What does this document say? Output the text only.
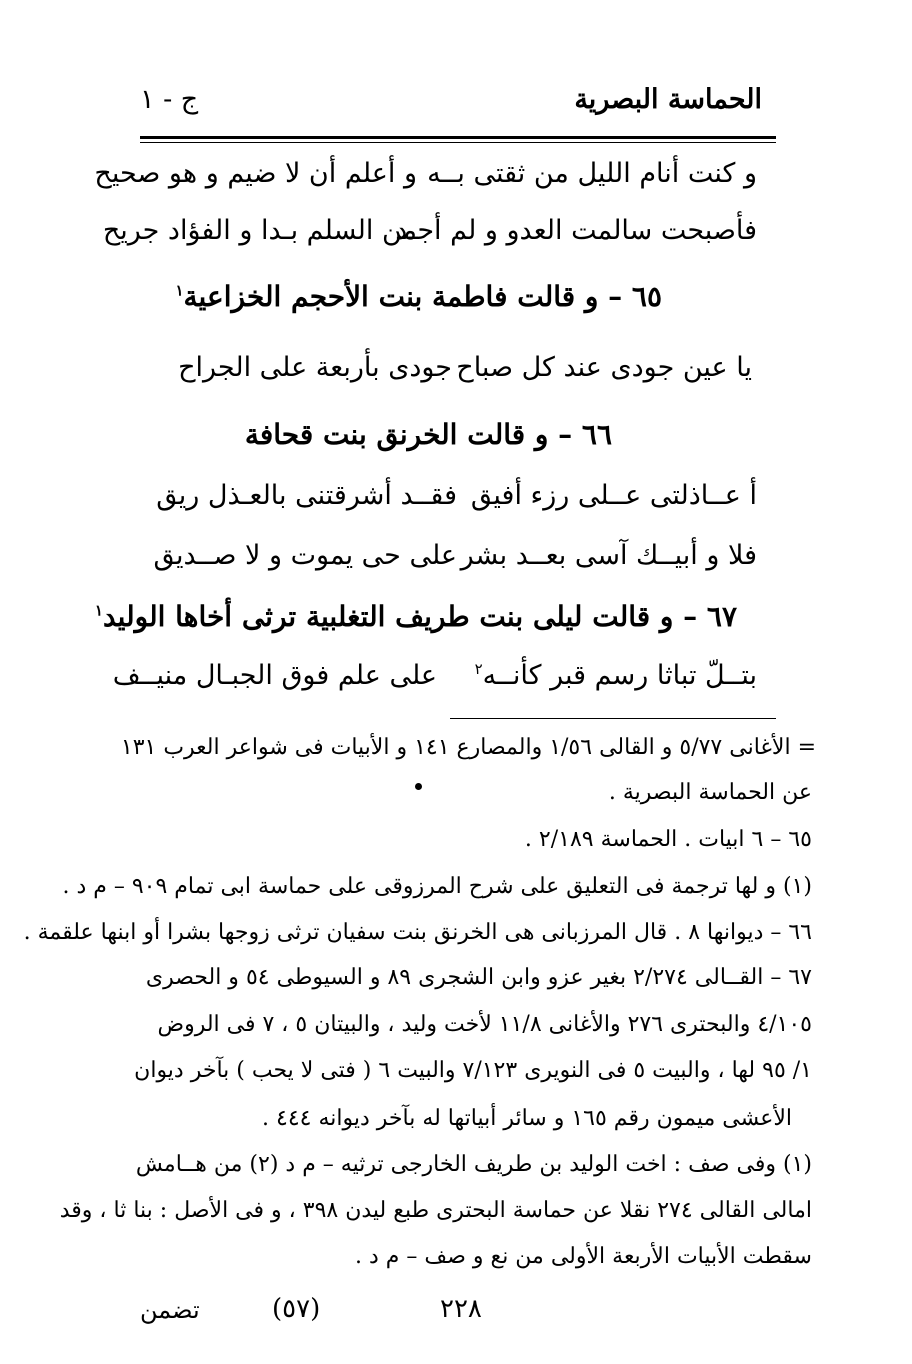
الحماسة البصرية
ج - ١
و كنت أنام الليل من ثقتى بــه
و أعلم أن لا ضيم و هو صحيح
فأصبحت سالمت العدو و لم أجـد
من السلم بـدا و الفؤاد جريح
٦٥ – و قالت فاطمة بنت الأحجم الخزاعية$^١$
يا عين جودى عند كل صباح
جودى بأربعة على الجراح
٦٦ – و قالت الخرنق بنت قحافة
أ عــاذلتى عــلى رزء أفيق
فقــد أشرقتنى بالعـذل ريق
فلا و أبيــك آسى بعــد بشر
على حى يموت و لا صــديق
٦٧ – و قالت ليلى بنت طريف التغلبية ترثى أخاها الوليد$^١$
بتــلّ تباثا رسم قبر كأنــه$^٢$
على علم فوق الجبـال منيــف
= الأغانى ٥/٧٧ و القالى ١/٥٦ والمصارع ١٤١ و الأبيات فى شواعر العرب ١٣١
عن الحماسة البصرية .
٦٥ – ٦ ابيات . الحماسة ٢/١٨٩ .
(١) و لها ترجمة فى التعليق على شرح المرزوقى على حماسة ابى تمام ٩٠٩ – م د .
٦٦ – ديوانها ٨ . قال المرزبانى هى الخرنق بنت سفيان ترثى زوجها بشرا أو ابنها علقمة .
٦٧ – القــالى ٢/٢٧٤ بغير عزو وابن الشجرى ٨٩ و السيوطى ٥٤ و الحصرى
٤/١٠٥ والبحترى ٢٧٦ والأغانى ١١/٨ لأخت وليد ، والبيتان ٥ ، ٧ فى الروض
١/ ٩٥ لها ، والبيت ٥ فى النويرى ٧/١٢٣ والبيت ٦ ( فتى لا يحب ) بآخر ديوان
الأعشى ميمون رقم ١٦٥ و سائر أبياتها له بآخر ديوانه ٤٤٤ .
(١) وفى صف : اخت الوليد بن طريف الخارجى ترثيه – م د (٢) من هــامش
امالى القالى ٢٧٤ نقلا عن حماسة البحترى طبع ليدن ٣٩٨ ، و فى الأصل : بنا ثا ، وقد
سقطت الأبيات الأربعة الأولى من نع و صف – م د .
تضمن	(٥٧)	٢٢٨
